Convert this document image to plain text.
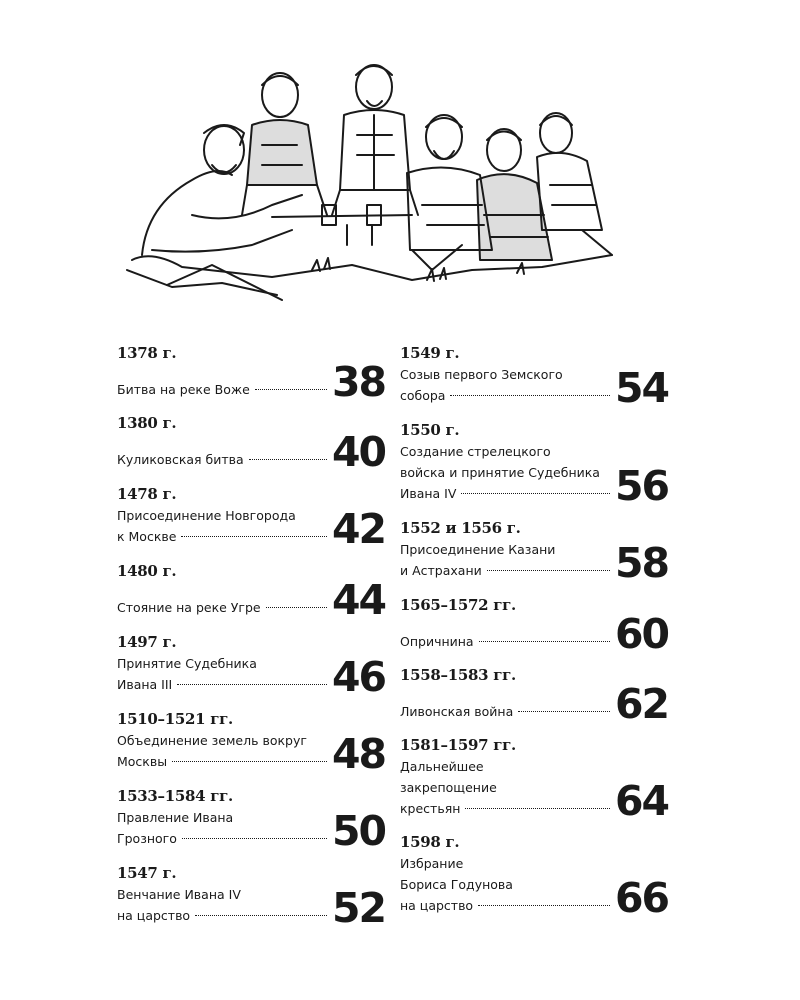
1378 г.
Битва на реке Воже 38
1380 г.
Куликовская битва 40
1478 г.
Присоединение Новгорода
к Москве	42
1480 г.
Стояние на реке Угре 44
1497 г.
Принятие Судебника
Ивана III	46
1510–1521 гг.
Объединение земель вокруг
Москвы	48
1533–1584 гг.
Правление Ивана
Грозного	50
1547 г.
Венчание Ивана IV
на царство	52
1549 г.
Созыв первого Земского
собора	54
1550 г.
Создание стрелецкого
войска и принятие Судебника
Ивана IV	56
1552 и 1556 г.
Присоединение Казани
и Астрахани	58
1565–1572 гг.
Опричнина	60
1558–1583 гг.
Ливонская война 62
1581–1597 гг.
Дальнейшее
закрепощение
крестьян	64
1598 г.
Избрание
Бориса Годунова
на царство	66
